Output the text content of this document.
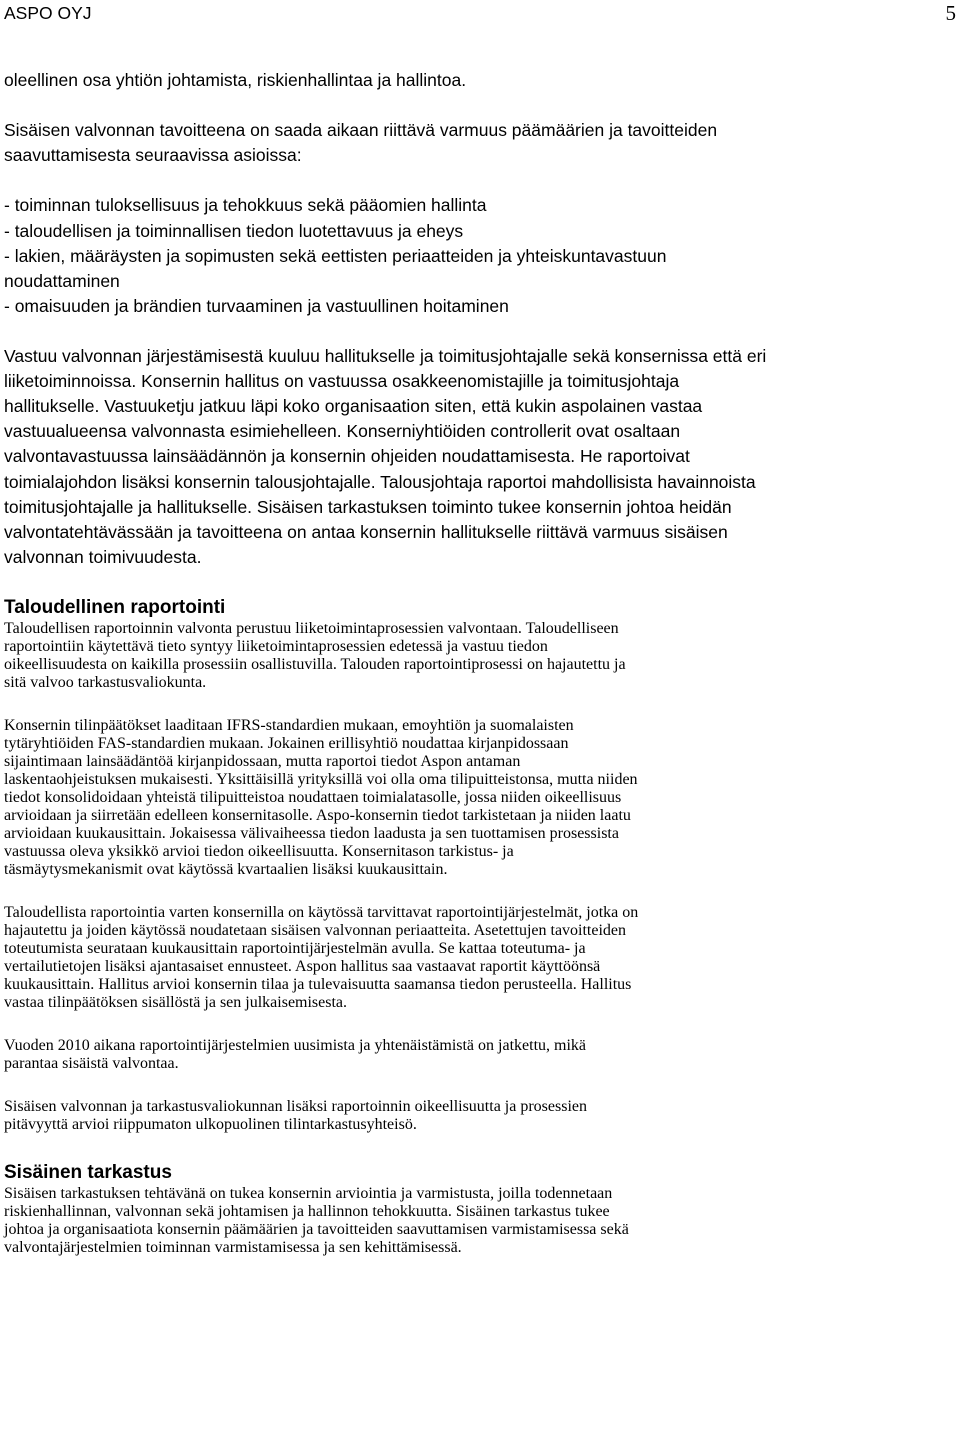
ASPO OYJ	5

oleellinen osa yhtiön johtamista, riskienhallintaa ja hallintoa.

Sisäisen valvonnan tavoitteena on saada aikaan riittävä varmuus päämäärien ja tavoitteiden
saavuttamisesta seuraavissa asioissa:

- toiminnan tuloksellisuus ja tehokkuus sekä pääomien hallinta
- taloudellisen ja toiminnallisen tiedon luotettavuus ja eheys
- lakien, määräysten ja sopimusten sekä eettisten periaatteiden ja yhteiskuntavastuun
noudattaminen
- omaisuuden ja brändien turvaaminen ja vastuullinen hoitaminen

Vastuu valvonnan järjestämisestä kuuluu hallitukselle ja toimitusjohtajalle sekä konsernissa että eri
liiketoiminnoissa. Konsernin hallitus on vastuussa osakkeenomistajille ja toimitusjohtaja
hallitukselle. Vastuuketju jatkuu läpi koko organisaation siten, että kukin aspolainen vastaa
vastuualueensa valvonnasta esimiehelleen. Konserniyhtiöiden controllerit ovat osaltaan
valvontavastuussa lainsäädännön ja konsernin ohjeiden noudattamisesta. He raportoivat
toimialajohdon lisäksi konsernin talousjohtajalle. Talousjohtaja raportoi mahdollisista havainnoista
toimitusjohtajalle ja hallitukselle. Sisäisen tarkastuksen toiminto tukee konsernin johtoa heidän
valvontatehtävässään ja tavoitteena on antaa konsernin hallitukselle riittävä varmuus sisäisen
valvonnan toimivuudesta.

Taloudellinen raportointi

Taloudellisen raportoinnin valvonta perustuu liiketoimintaprosessien valvontaan. Taloudelliseen
raportointiin käytettävä tieto syntyy liiketoimintaprosessien edetessä ja vastuu tiedon
oikeellisuudesta on kaikilla prosessiin osallistuvilla. Talouden raportointiprosessi on hajautettu ja
sitä valvoo tarkastusvaliokunta.

Konsernin tilinpäätökset laaditaan IFRS-standardien mukaan, emoyhtiön ja suomalaisten
tytäryhtiöiden FAS-standardien mukaan. Jokainen erillisyhtiö noudattaa kirjanpidossaan
sijaintimaan lainsäädäntöä kirjanpidossaan, mutta raportoi tiedot Aspon antaman
laskentaohjeistuksen mukaisesti. Yksittäisillä yrityksillä voi olla oma tilipuitteistonsa, mutta niiden
tiedot konsolidoidaan yhteistä tilipuitteistoa noudattaen toimialatasolle, jossa niiden oikeellisuus
arvioidaan ja siirretään edelleen konsernitasolle. Aspo-konsernin tiedot tarkistetaan ja niiden laatu
arvioidaan kuukausittain. Jokaisessa välivaiheessa tiedon laadusta ja sen tuottamisen prosessista
vastuussa oleva yksikkö arvioi tiedon oikeellisuutta. Konsernitason tarkistus- ja
täsmäytysmekanismit ovat käytössä kvartaalien lisäksi kuukausittain.

Taloudellista raportointia varten konsernilla on käytössä tarvittavat raportointijärjestelmät, jotka on
hajautettu ja joiden käytössä noudatetaan sisäisen valvonnan periaatteita. Asetettujen tavoitteiden
toteutumista seurataan kuukausittain raportointijärjestelmän avulla. Se kattaa toteutuma- ja
vertailutietojen lisäksi ajantasaiset ennusteet. Aspon hallitus saa vastaavat raportit käyttöönsä
kuukausittain. Hallitus arvioi konsernin tilaa ja tulevaisuutta saamansa tiedon perusteella. Hallitus
vastaa tilinpäätöksen sisällöstä ja sen julkaisemisesta.

Vuoden 2010 aikana raportointijärjestelmien uusimista ja yhtenäistämistä on jatkettu, mikä
parantaa sisäistä valvontaa.

Sisäisen valvonnan ja tarkastusvaliokunnan lisäksi raportoinnin oikeellisuutta ja prosessien
pitävyyttä arvioi riippumaton ulkopuolinen tilintarkastusyhteisö.

Sisäinen tarkastus

Sisäisen tarkastuksen tehtävänä on tukea konsernin arviointia ja varmistusta, joilla todennetaan
riskienhallinnan, valvonnan sekä johtamisen ja hallinnon tehokkuutta. Sisäinen tarkastus tukee
johtoa ja organisaatiota konsernin päämäärien ja tavoitteiden saavuttamisen varmistamisessa sekä
valvontajärjestelmien toiminnan varmistamisessa ja sen kehittämisessä.
